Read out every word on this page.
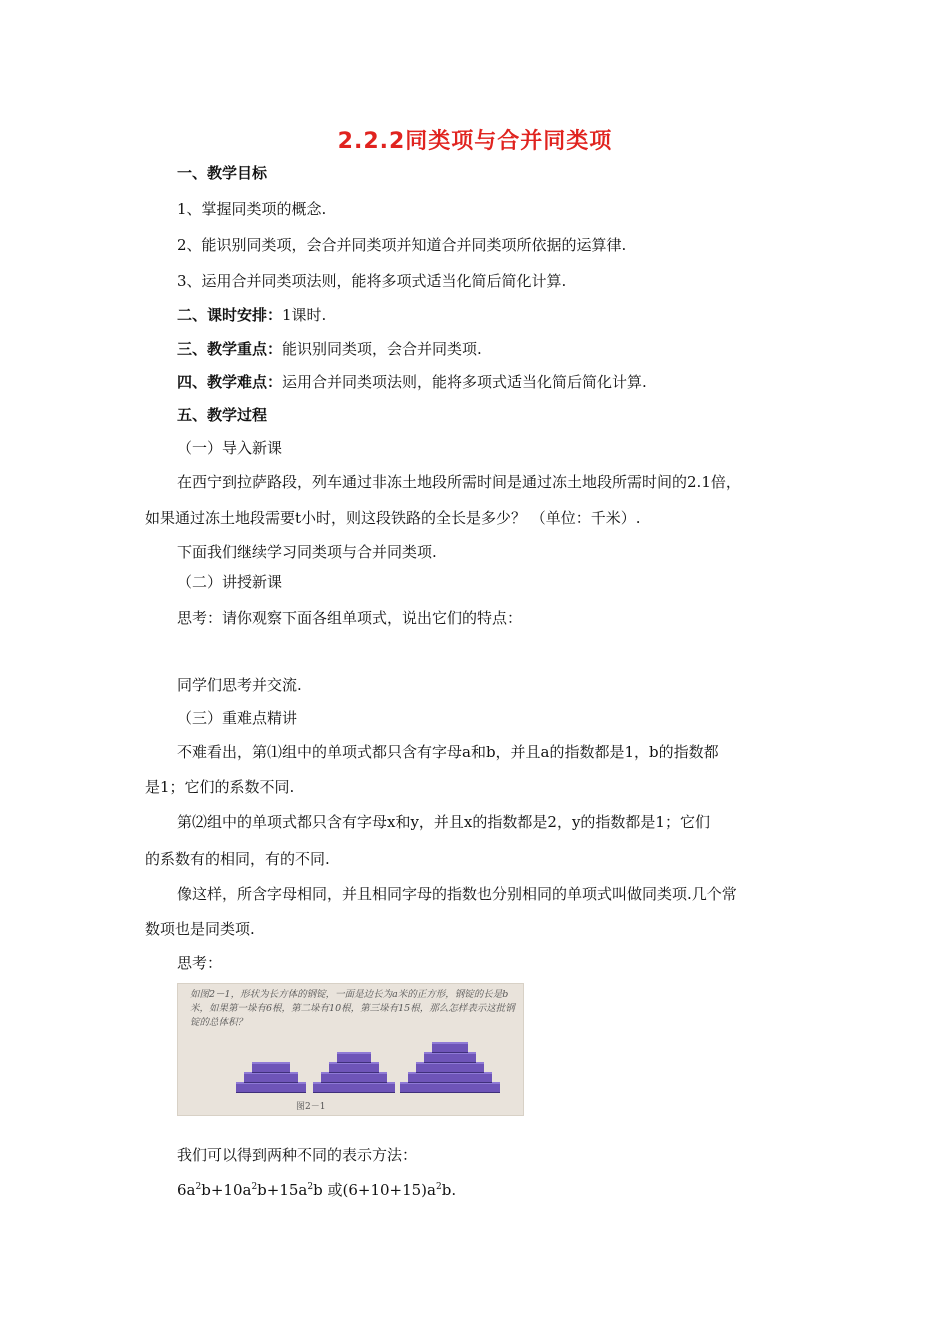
2.2.2同类项与合并同类项
一、教学目标
1、掌握同类项的概念.
2、能识别同类项，会合并同类项并知道合并同类项所依据的运算律.
3、运用合并同类项法则，能将多项式适当化简后简化计算.
二、课时安排：1课时.
三、教学重点：能识别同类项，会合并同类项.
四、教学难点：运用合并同类项法则，能将多项式适当化简后简化计算.
五、教学过程
（一）导入新课
在西宁到拉萨路段，列车通过非冻土地段所需时间是通过冻土地段所需时间的2.1倍，
如果通过冻土地段需要t小时，则这段铁路的全长是多少？ （单位：千米）.
下面我们继续学习同类项与合并同类项.
（二）讲授新课
思考：请你观察下面各组单项式，说出它们的特点：
同学们思考并交流.
（三）重难点精讲
不难看出，第⑴组中的单项式都只含有字母a和b，并且a的指数都是1，b的指数都
是1；它们的系数不同.
第⑵组中的单项式都只含有字母x和y，并且x的指数都是2，y的指数都是1；它们
的系数有的相同，有的不同.
像这样，所含字母相同，并且相同字母的指数也分别相同的单项式叫做同类项.几个常
数项也是同类项.
思考：
如图2－1，形状为长方体的钢锭，一面是边长为a米的正方形，钢锭的长是b米，如果第一垛有6根，第二垛有10根，第三垛有15根，那么怎样表示这批钢锭的总体积？
图2－1
我们可以得到两种不同的表示方法：
$6a^2b+10a^2b+15a^2b$ 或$(6+10+15)a^2b$.
